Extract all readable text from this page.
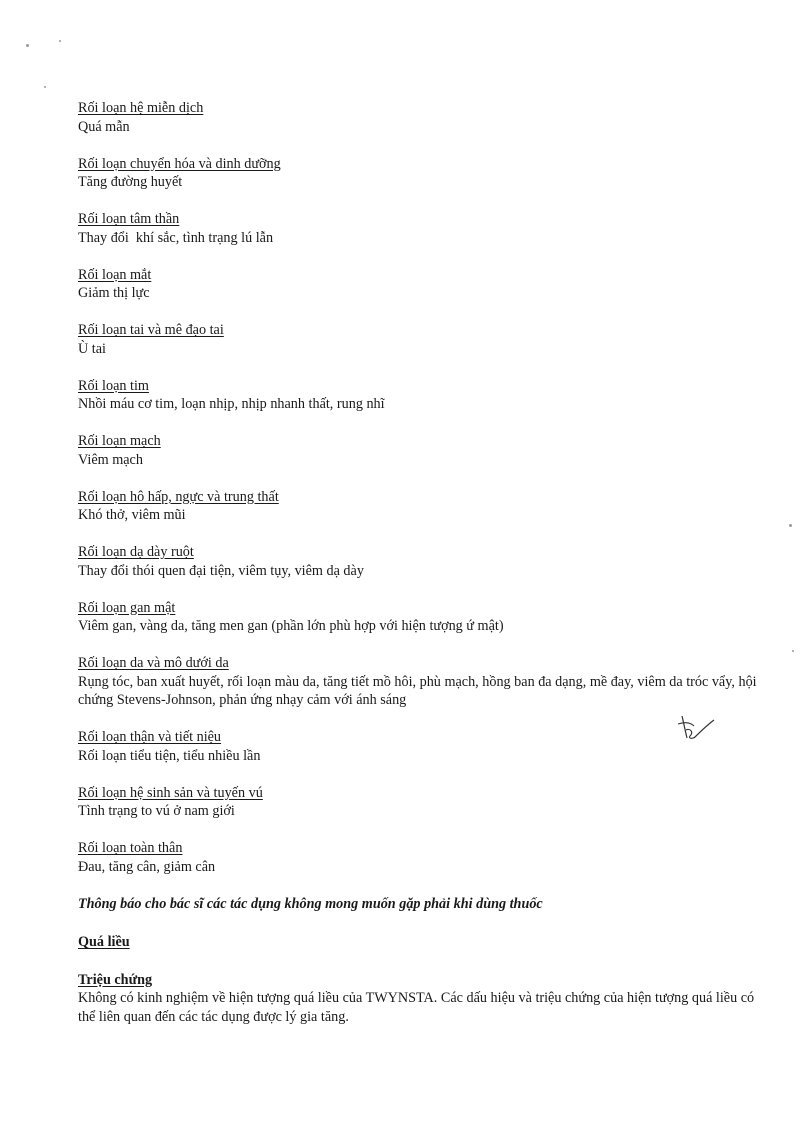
Rối loạn hệ miễn dịch
Quá mẫn
Rối loạn chuyển hóa và dinh dưỡng
Tăng đường huyết
Rối loạn tâm thần
Thay đổi  khí sắc, tình trạng lú lẫn
Rối loạn mắt
Giảm thị lực
Rối loạn tai và mê đạo tai
Ù tai
Rối loạn tim
Nhồi máu cơ tim, loạn nhịp, nhịp nhanh thất, rung nhĩ
Rối loạn mạch
Viêm mạch
Rối loạn hô hấp, ngực và trung thất
Khó thở, viêm mũi
Rối loạn dạ dày ruột
Thay đổi thói quen đại tiện, viêm tụy, viêm dạ dày
Rối loạn gan mật
Viêm gan, vàng da, tăng men gan (phần lớn phù hợp với hiện tượng ứ mật)
Rối loạn da và mô dưới da
Rụng tóc, ban xuất huyết, rối loạn màu da, tăng tiết mồ hôi, phù mạch, hồng ban đa dạng, mề đay, viêm da tróc vẩy, hội chứng Stevens-Johnson, phản ứng nhạy cảm với ánh sáng
Rối loạn thận và tiết niệu
Rối loạn tiểu tiện, tiểu nhiều lần
Rối loạn hệ sinh sản và tuyến vú
Tình trạng to vú ở nam giới
Rối loạn toàn thân
Đau, tăng cân, giảm cân
Thông báo cho bác sĩ các tác dụng không mong muốn gặp phải khi dùng thuốc
Quá liều
Triệu chứng
Không có kinh nghiệm về hiện tượng quá liều của TWYNSTA. Các dấu hiệu và triệu chứng của hiện tượng quá liều có thể liên quan đến các tác dụng được lý gia tăng.
